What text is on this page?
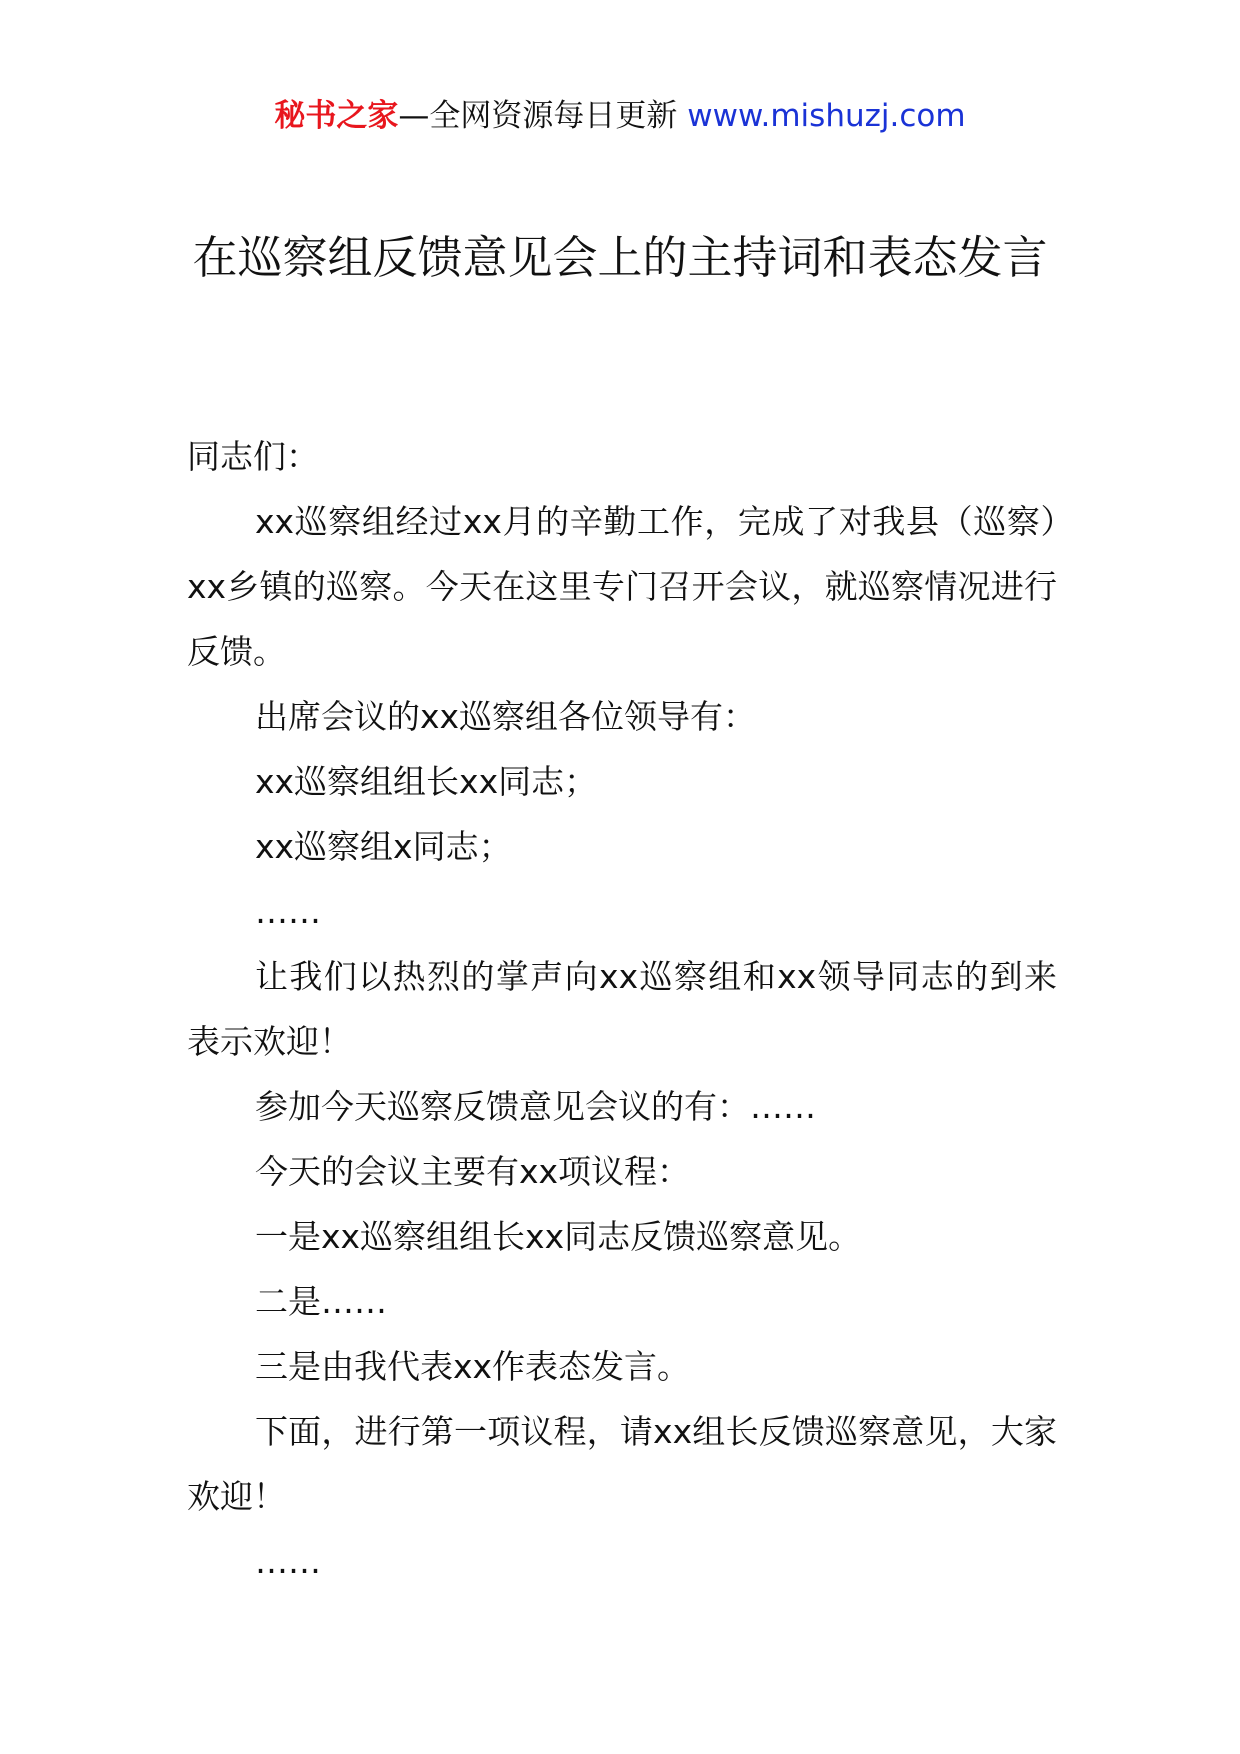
秘书之家—全网资源每日更新 www.mishuzj.com
在巡察组反馈意见会上的主持词和表态发言

同志们：

xx巡察组经过xx月的辛勤工作，完成了对我县（巡察）xx乡镇的巡察。今天在这里专门召开会议，就巡察情况进行反馈。

出席会议的xx巡察组各位领导有：

xx巡察组组长xx同志；

xx巡察组x同志；

……

让我们以热烈的掌声向xx巡察组和xx领导同志的到来表示欢迎！

参加今天巡察反馈意见会议的有：……

今天的会议主要有xx项议程：

一是xx巡察组组长xx同志反馈巡察意见。

二是……

三是由我代表xx作表态发言。

下面，进行第一项议程，请xx组长反馈巡察意见，大家欢迎！

……
